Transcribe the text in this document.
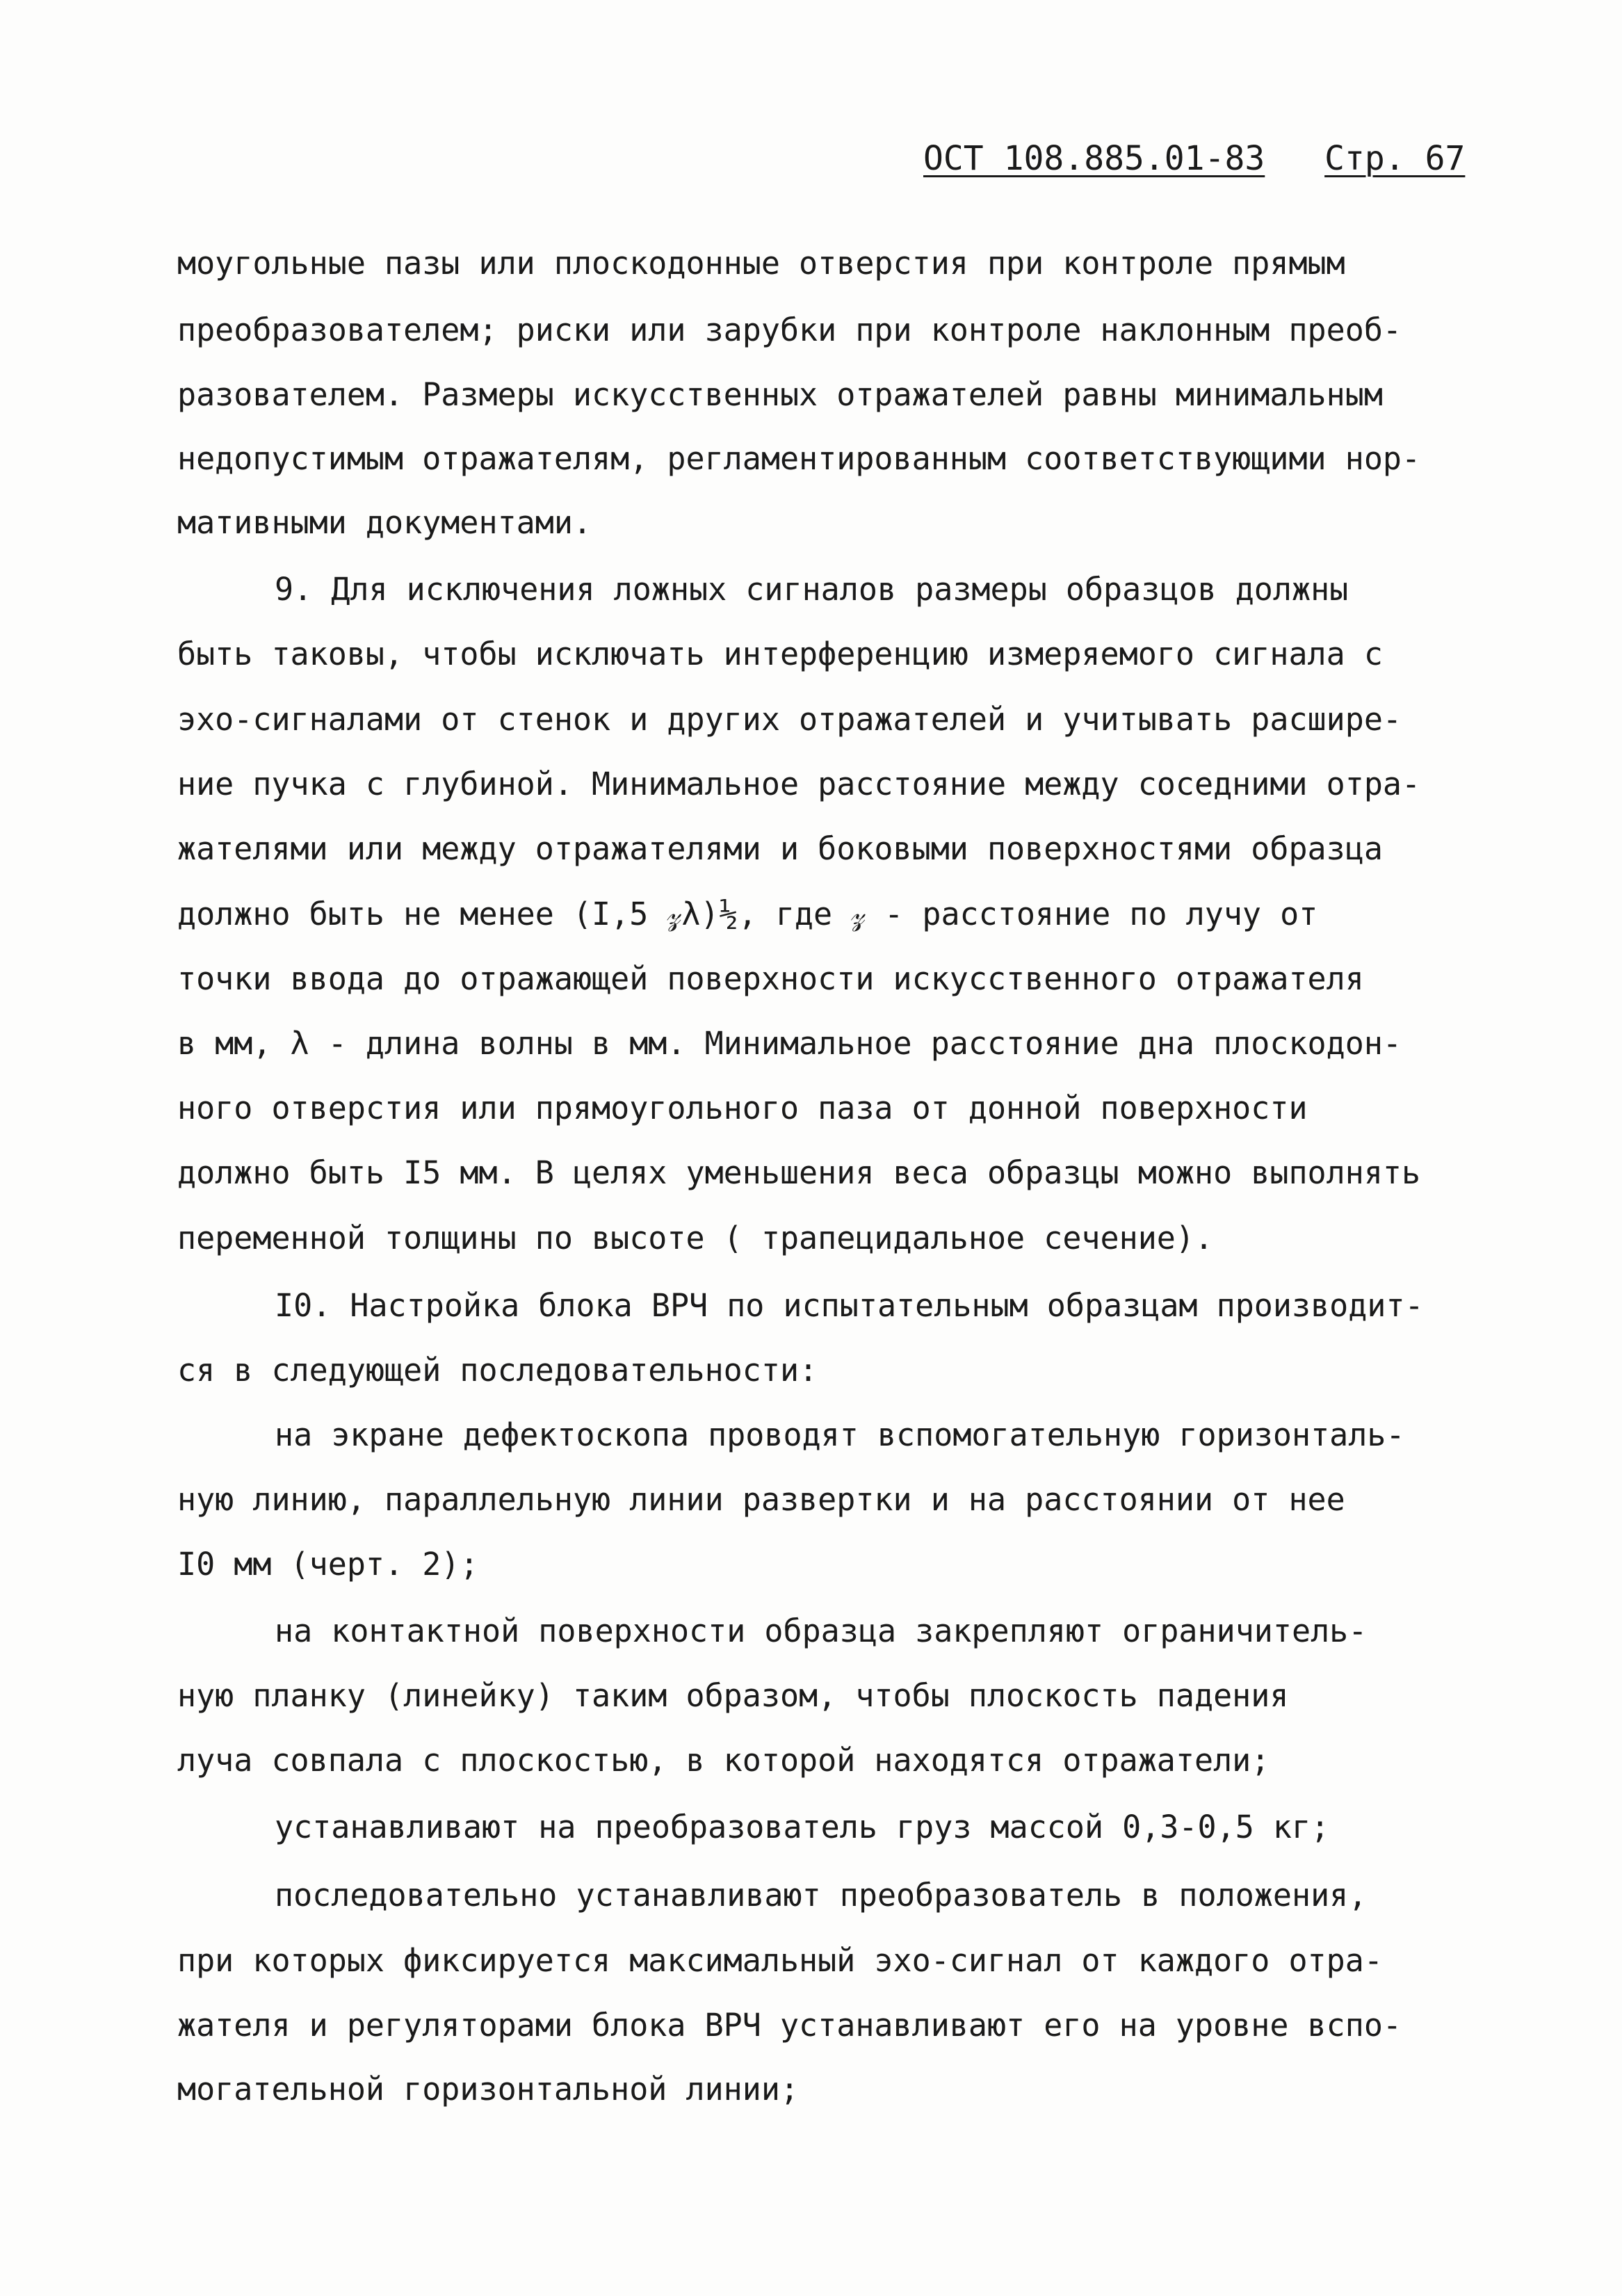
ОСТ 108.885.01-83 Стр. 67
моугольные пазы или плоскодонные отверстия при контроле прямым
преобразователем; риски или зарубки при контроле наклонным преоб-
разователем. Размеры искусственных отражателей равны минимальным
недопустимым отражателям, регламентированным соответствующими нор-
мативными документами.
9. Для исключения ложных сигналов размеры образцов должны
быть таковы, чтобы исключать интерференцию измеряемого сигнала с
эхо-сигналами от стенок и других отражателей и учитывать расшире-
ние пучка с глубиной. Минимальное расстояние между соседними отра-
жателями или между отражателями и боковыми поверхностями образца
должно быть не менее (I,5 𝓏λ)½, где 𝓏 - расстояние по лучу от
точки ввода до отражающей поверхности искусственного отражателя
в мм, λ - длина волны в мм. Минимальное расстояние дна плоскодон-
ного отверстия или прямоугольного паза от донной поверхности
должно быть I5 мм. В целях уменьшения веса образцы можно выполнять
переменной толщины по высоте ( трапецидальное сечение).
I0. Настройка блока ВРЧ по испытательным образцам производит-
ся в следующей последовательности:
на экране дефектоскопа проводят вспомогательную горизонталь-
ную линию, параллельную линии развертки и на расстоянии от нее
I0 мм (черт. 2);
на контактной поверхности образца закрепляют ограничитель-
ную планку (линейку) таким образом, чтобы плоскость падения
луча совпала с плоскостью, в которой находятся отражатели;
устанавливают на преобразователь груз массой 0,3-0,5 кг;
последовательно устанавливают преобразователь в положения,
при которых фиксируется максимальный эхо-сигнал от каждого отра-
жателя и регуляторами блока ВРЧ устанавливают его на уровне вспо-
могательной горизонтальной линии;
